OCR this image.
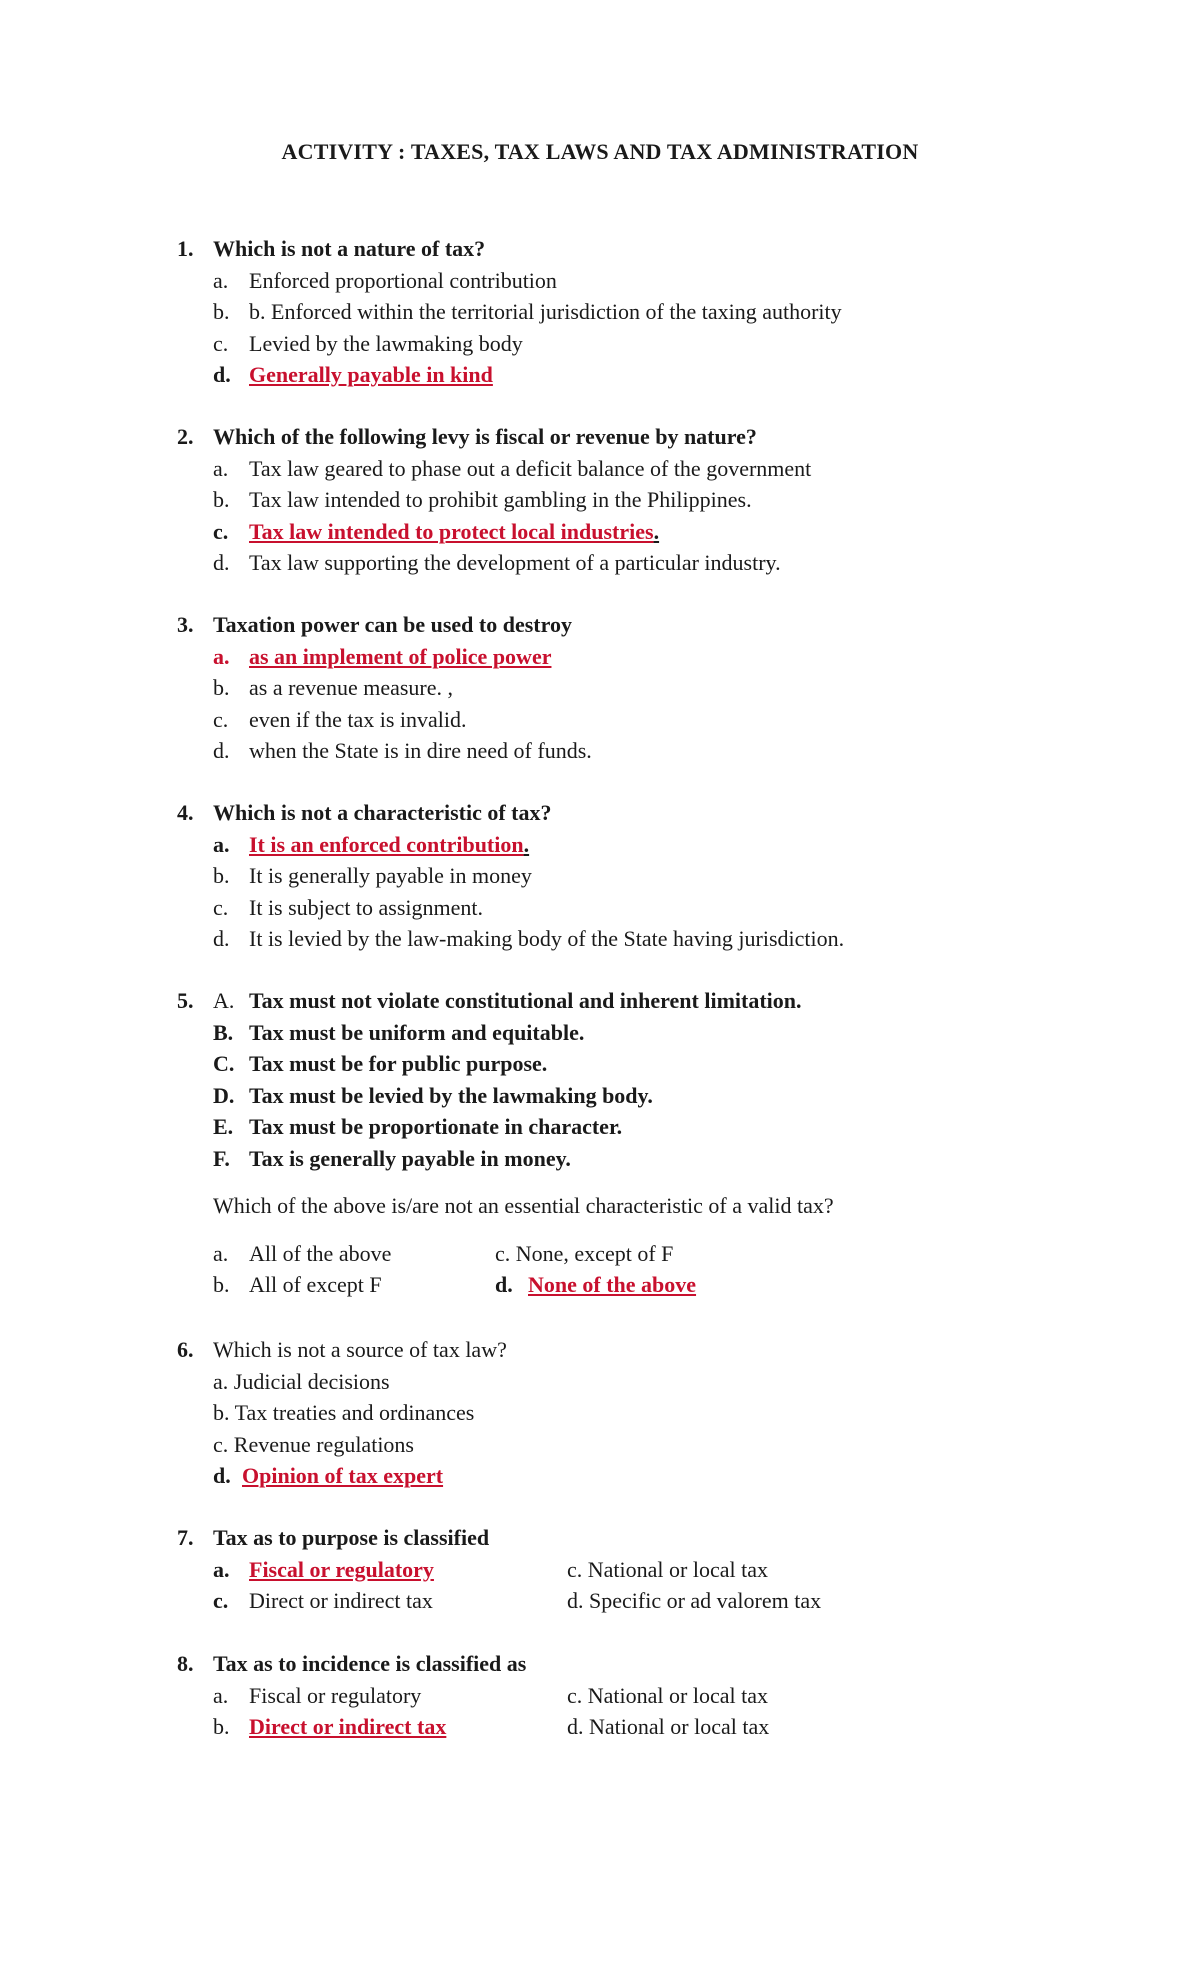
ACTIVITY : TAXES, TAX LAWS AND TAX ADMINISTRATION
1. Which is not a nature of tax?
a. Enforced proportional contribution
b. b. Enforced within the territorial jurisdiction of the taxing authority
c. Levied by the lawmaking body
d. Generally payable in kind
2. Which of the following levy is fiscal or revenue by nature?
a. Tax law geared to phase out a deficit balance of the government
b. Tax law intended to prohibit gambling in the Philippines.
c. Tax law intended to protect local industries.
d. Tax law supporting the development of a particular industry.
3. Taxation power can be used to destroy
a. as an implement of police power
b. as a revenue measure. ,
c. even if the tax is invalid.
d. when the State is in dire need of funds.
4. Which is not a characteristic of tax?
a. It is an enforced contribution.
b. It is generally payable in money
c. It is subject to assignment.
d. It is levied by the law-making body of the State having jurisdiction.
5. A. Tax must not violate constitutional and inherent limitation.
B. Tax must be uniform and equitable.
C. Tax must be for public purpose.
D. Tax must be levied by the lawmaking body.
E. Tax must be proportionate in character.
F. Tax is generally payable in money.
Which of the above is/are not an essential characteristic of a valid tax?
a. All of the above	c. None, except of F
b. All of except F	d. None of the above
6. Which is not a source of tax law?
a. Judicial decisions
b. Tax treaties and ordinances
c. Revenue regulations
d. Opinion of tax expert
7. Tax as to purpose is classified
a. Fiscal or regulatory	c. National or local tax
c. Direct or indirect tax	d. Specific or ad valorem tax
8. Tax as to incidence is classified as
a. Fiscal or regulatory	c. National or local tax
b. Direct or indirect tax	d. National or local tax
